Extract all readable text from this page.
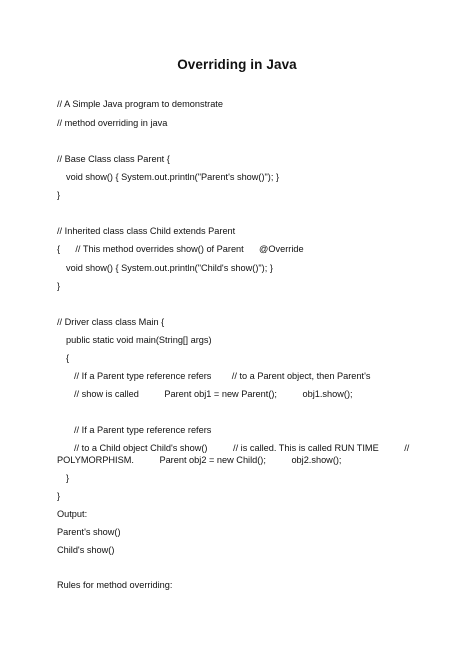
Overriding in Java
// A Simple Java program to demonstrate
// method overriding in java
// Base Class class Parent {
void show() { System.out.println("Parent's show()"); }
}
// Inherited class class Child extends Parent
{      // This method overrides show() of Parent      @Override
void show() { System.out.println("Child's show()"); }
}
// Driver class class Main {
public static void main(String[] args)
{
// If a Parent type reference refers        // to a Parent object, then Parent's
// show is called          Parent obj1 = new Parent();          obj1.show();
// If a Parent type reference refers
// to a Child object Child's show()          // is called. This is called RUN TIME          //
POLYMORPHISM.          Parent obj2 = new Child();          obj2.show();
}
}
Output:
Parent's show()
Child's show()
Rules for method overriding:
